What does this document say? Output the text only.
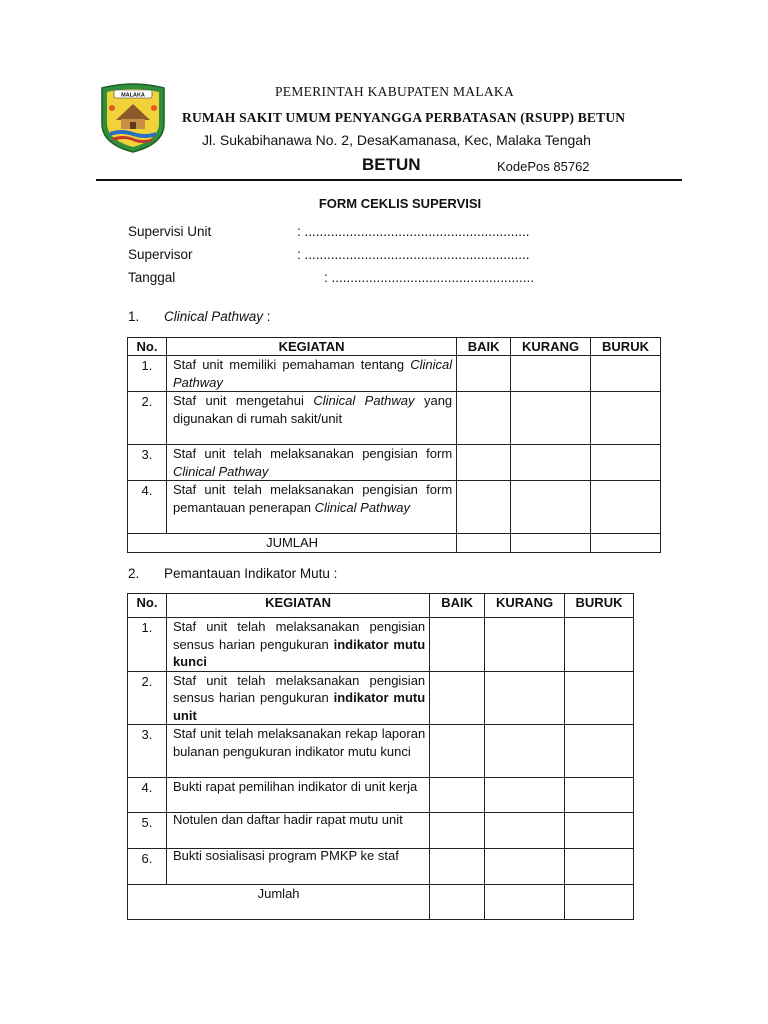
MALAKA	PEMERINTAH KABUPATEN MALAKA
RUMAH SAKIT UMUM PENYANGGA PERBATASAN (RSUPP) BETUN
Jl. Sukabihanawa No. 2, DesaKamanasa, Kec, Malaka Tengah
BETUN	KodePos 85762
FORM CEKLIS SUPERVISI
Supervisi Unit	: ............................................................
Supervisor	: ............................................................
Tanggal	: ......................................................
1. Clinical Pathway :
No.	KEGIATAN	BAIK	KURANG	BURUK
1.	Staf unit memiliki pemahaman tentang Clinical Pathway			
2.	Staf unit mengetahui Clinical Pathway yang digunakan di rumah sakit/unit			
3.	Staf unit telah melaksanakan pengisian form Clinical Pathway			
4.	Staf unit telah melaksanakan pengisian form pemantauan penerapan Clinical Pathway			
JUMLAH				
2. Pemantauan Indikator Mutu :
No.	KEGIATAN	BAIK	KURANG	BURUK
1.	Staf unit telah melaksanakan pengisian sensus harian pengukuran indikator mutu kunci			
2.	Staf unit telah melaksanakan pengisian sensus harian pengukuran indikator mutu unit			
3.	Staf unit telah melaksanakan rekap laporan bulanan pengukuran indikator mutu kunci			
4.	Bukti rapat pemilihan indikator di unit kerja			
5.	Notulen dan daftar hadir rapat mutu unit			
6.	Bukti sosialisasi program PMKP ke staf			
Jumlah				
